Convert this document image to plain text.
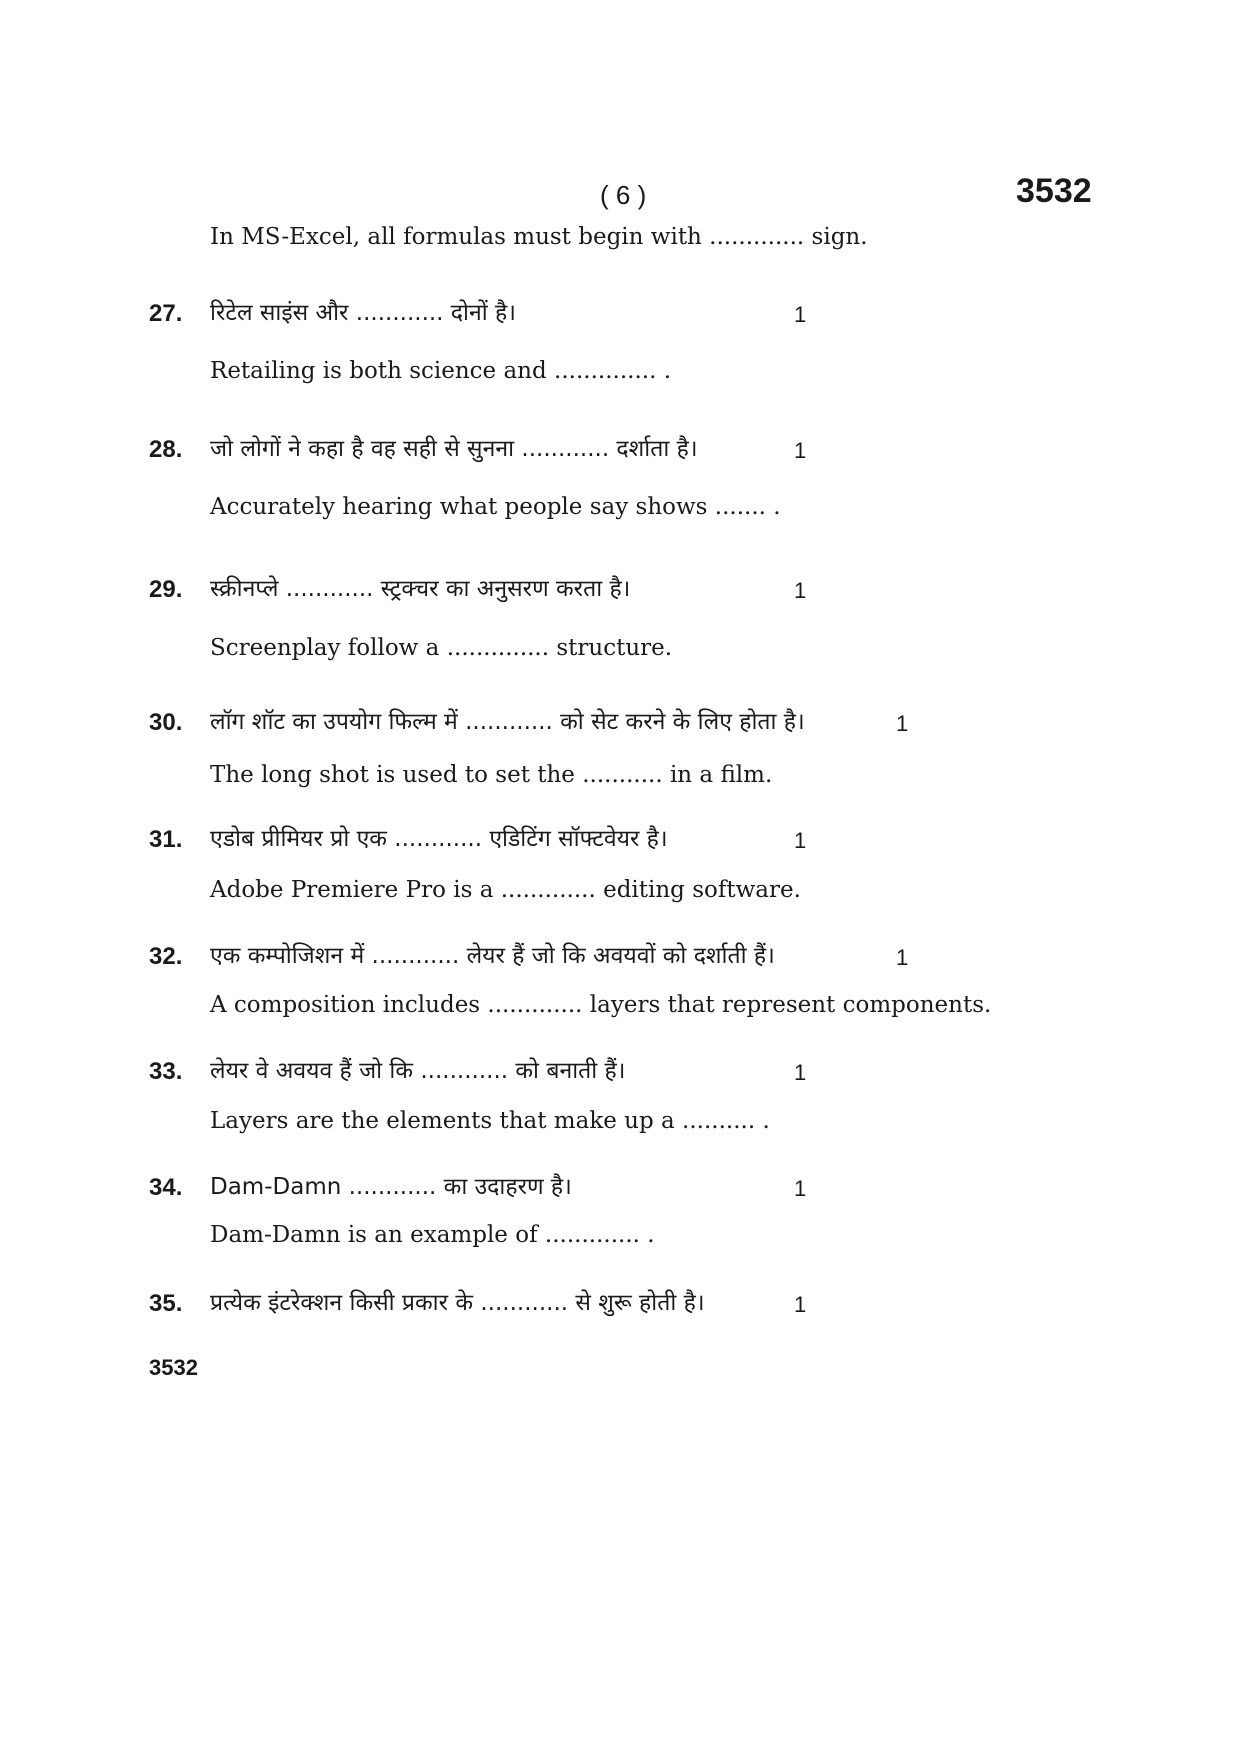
( 6 )	3532
In MS-Excel, all formulas must begin with ............. sign.
27. रिटेल साइंस और ............ दोनों है।	1
Retailing is both science and .............. .
28. जो लोगों ने कहा है वह सही से सुनना ............ दर्शाता है।	1
Accurately hearing what people say shows ....... .
29. स्क्रीनप्ले ............ स्ट्रक्चर का अनुसरण करता है।	1
Screenplay follow a .............. structure.
30. लॉग शॉट का उपयोग फिल्म में ............ को सेट करने के लिए होता है।	1
The long shot is used to set the ........... in a film.
31. एडोब प्रीमियर प्रो एक ............ एडिटिंग सॉफ्टवेयर है।	1
Adobe Premiere Pro is a ............. editing software.
32. एक कम्पोजिशन में ............ लेयर हैं जो कि अवयवों को दर्शाती हैं।	1
A composition includes ............. layers that represent components.
33. लेयर वे अवयव हैं जो कि ............ को बनाती हैं।	1
Layers are the elements that make up a .......... .
34. Dam-Damn ............ का उदाहरण है।	1
Dam-Damn is an example of ............. .
35. प्रत्येक इंटरेक्शन किसी प्रकार के ............ से शुरू होती है।	1
3532
